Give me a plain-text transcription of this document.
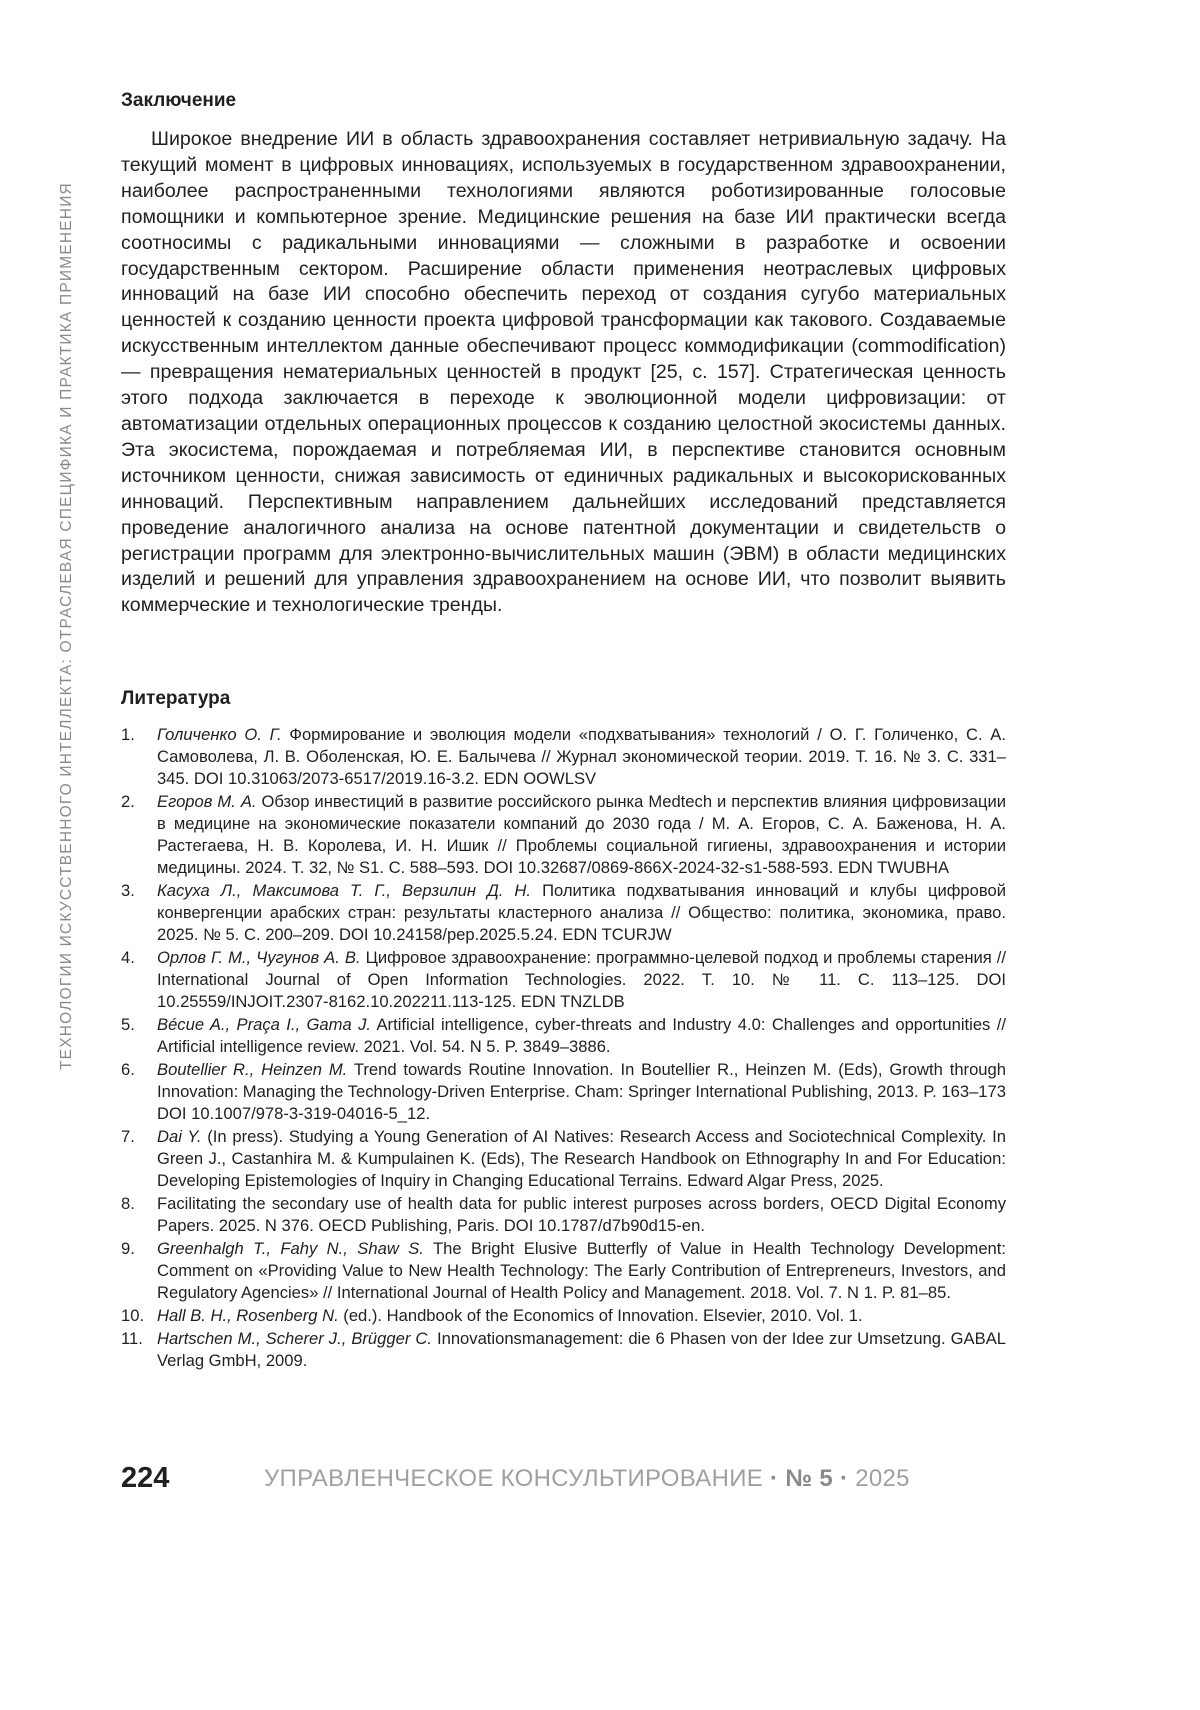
ТЕХНОЛОГИИ ИСКУССТВЕННОГО ИНТЕЛЛЕКТА: ОТРАСЛЕВАЯ СПЕЦИФИКА И ПРАКТИКА ПРИМЕНЕНИЯ
Заключение
Широкое внедрение ИИ в область здравоохранения составляет нетривиальную задачу. На текущий момент в цифровых инновациях, используемых в государственном здравоохранении, наиболее распространенными технологиями являются роботизированные голосовые помощники и компьютерное зрение. Медицинские решения на базе ИИ практически всегда соотносимы с радикальными инновациями — сложными в разработке и освоении государственным сектором. Расширение области применения неотраслевых цифровых инноваций на базе ИИ способно обеспечить переход от создания сугубо материальных ценностей к созданию ценности проекта цифровой трансформации как такового. Создаваемые искусственным интеллектом данные обеспечивают процесс коммодификации (commodification) — превращения нематериальных ценностей в продукт [25, с. 157]. Стратегическая ценность этого подхода заключается в переходе к эволюционной модели цифровизации: от автоматизации отдельных операционных процессов к созданию целостной экосистемы данных. Эта экосистема, порождаемая и потребляемая ИИ, в перспективе становится основным источником ценности, снижая зависимость от единичных радикальных и высокорискованных инноваций. Перспективным направлением дальнейших исследований представляется проведение аналогичного анализа на основе патентной документации и свидетельств о регистрации программ для электронно-вычислительных машин (ЭВМ) в области медицинских изделий и решений для управления здравоохранением на основе ИИ, что позволит выявить коммерческие и технологические тренды.
Литература
1. Голиченко О. Г. Формирование и эволюция модели «подхватывания» технологий / О. Г. Голиченко, С. А. Самоволева, Л. В. Оболенская, Ю. Е. Балычева // Журнал экономической теории. 2019. Т. 16. № 3. С. 331–345. DOI 10.31063/2073-6517/2019.16-3.2. EDN OOWLSV
2. Егоров М. А. Обзор инвестиций в развитие российского рынка Medtech и перспектив влияния цифровизации в медицине на экономические показатели компаний до 2030 года / М. А. Егоров, С. А. Баженова, Н. А. Растегаева, Н. В. Королева, И. Н. Ишик // Проблемы социальной гигиены, здравоохранения и истории медицины. 2024. Т. 32, № S1. С. 588–593. DOI 10.32687/0869-866X-2024-32-s1-588-593. EDN TWUBHA
3. Касуха Л., Максимова Т. Г., Верзилин Д. Н. Политика подхватывания инноваций и клубы цифровой конвергенции арабских стран: результаты кластерного анализа // Общество: политика, экономика, право. 2025. № 5. С. 200–209. DOI 10.24158/pep.2025.5.24. EDN TCURJW
4. Орлов Г. М., Чугунов А. В. Цифровое здравоохранение: программно-целевой подход и проблемы старения // International Journal of Open Information Technologies. 2022. Т. 10. № 11. С. 113–125. DOI 10.25559/INJOIT.2307-8162.10.202211.113-125. EDN TNZLDB
5. Bécue A., Praça I., Gama J. Artificial intelligence, cyber-threats and Industry 4.0: Challenges and opportunities // Artificial intelligence review. 2021. Vol. 54. N 5. P. 3849–3886.
6. Boutellier R., Heinzen M. Trend towards Routine Innovation. In Boutellier R., Heinzen M. (Eds), Growth through Innovation: Managing the Technology-Driven Enterprise. Cham: Springer International Publishing, 2013. P. 163–173 DOI 10.1007/978-3-319-04016-5_12.
7. Dai Y. (In press). Studying a Young Generation of AI Natives: Research Access and Sociotechnical Complexity. In Green J., Castanhira M. & Kumpulainen K. (Eds), The Research Handbook on Ethnography In and For Education: Developing Epistemologies of Inquiry in Changing Educational Terrains. Edward Algar Press, 2025.
8. Facilitating the secondary use of health data for public interest purposes across borders, OECD Digital Economy Papers. 2025. N 376. OECD Publishing, Paris. DOI 10.1787/d7b90d15-en.
9. Greenhalgh T., Fahy N., Shaw S. The Bright Elusive Butterfly of Value in Health Technology Development: Comment on «Providing Value to New Health Technology: The Early Contribution of Entrepreneurs, Investors, and Regulatory Agencies» // International Journal of Health Policy and Management. 2018. Vol. 7. N 1. P. 81–85.
10. Hall B. H., Rosenberg N. (ed.). Handbook of the Economics of Innovation. Elsevier, 2010. Vol. 1.
11. Hartschen M., Scherer J., Brügger C. Innovationsmanagement: die 6 Phasen von der Idee zur Umsetzung. GABAL Verlag GmbH, 2009.
224	УПРАВЛЕНЧЕСКОЕ КОНСУЛЬТИРОВАНИЕ · № 5 · 2025
